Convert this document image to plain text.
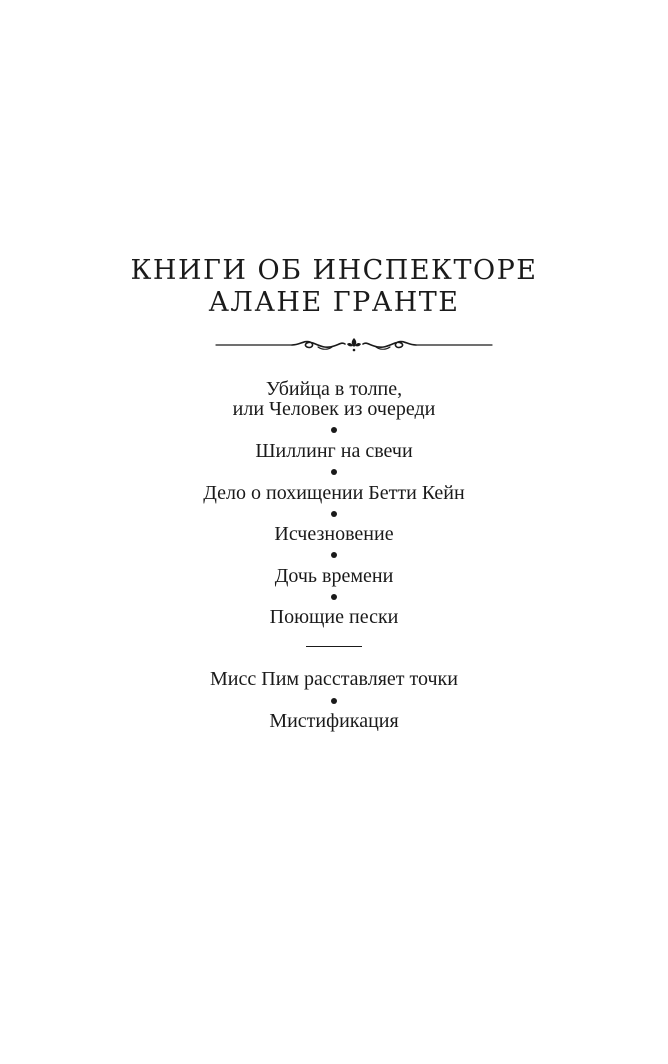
КНИГИ ОБ ИНСПЕКТОРЕ
АЛАНЕ ГРАНТЕ
Убийца в толпе,
или Человек из очереди
Шиллинг на свечи
Дело о похищении Бетти Кейн
Исчезновение
Дочь времени
Поющие пески
Мисс Пим расставляет точки
Мистификация
